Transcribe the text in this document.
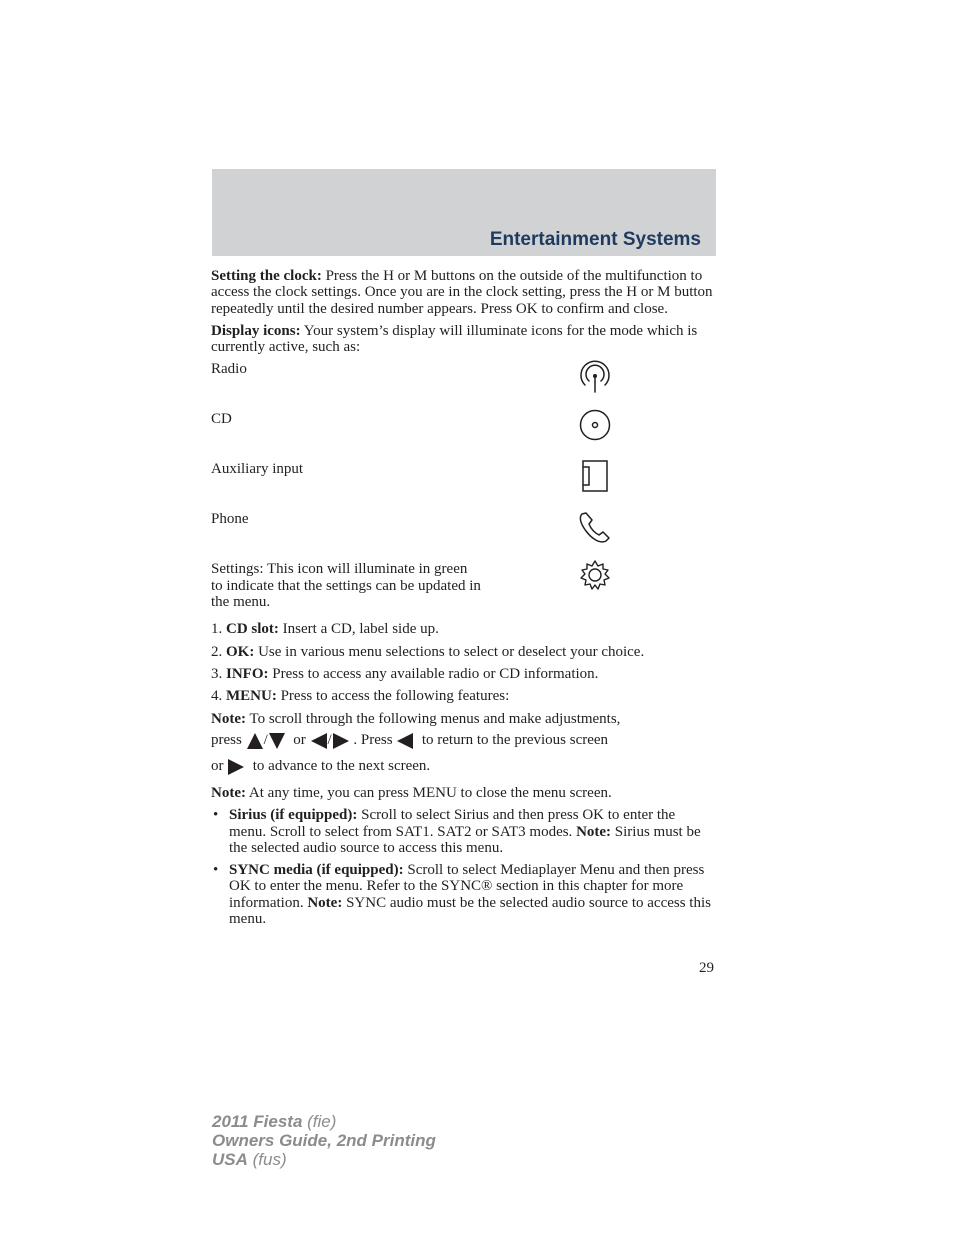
Entertainment Systems

Setting the clock: Press the H or M buttons on the outside of the multifunction to access the clock settings. Once you are in the clock setting, press the H or M button repeatedly until the desired number appears. Press OK to confirm and close.

Display icons: Your system’s display will illuminate icons for the mode which is currently active, such as:

Radio
CD
Auxiliary input
Phone
Settings: This icon will illuminate in green to indicate that the settings can be updated in the menu.
1. CD slot: Insert a CD, label side up.
2. OK: Use in various menu selections to select or deselect your choice.
3. INFO: Press to access any available radio or CD information.
4. MENU: Press to access the following features:

Note: To scroll through the following menus and make adjustments,

press / or / . Press to return to the previous screen
or to advance to the next screen.

Note: At any time, you can press MENU to close the menu screen.

• Sirius (if equipped): Scroll to select Sirius and then press OK to enter the menu. Scroll to select from SAT1. SAT2 or SAT3 modes. Note: Sirius must be the selected audio source to access this menu.
• SYNC media (if equipped): Scroll to select Mediaplayer Menu and then press OK to enter the menu. Refer to the SYNC® section in this chapter for more information. Note: SYNC audio must be the selected audio source to access this menu.
29
2011 Fiesta (fie)
Owners Guide, 2nd Printing
USA (fus)
